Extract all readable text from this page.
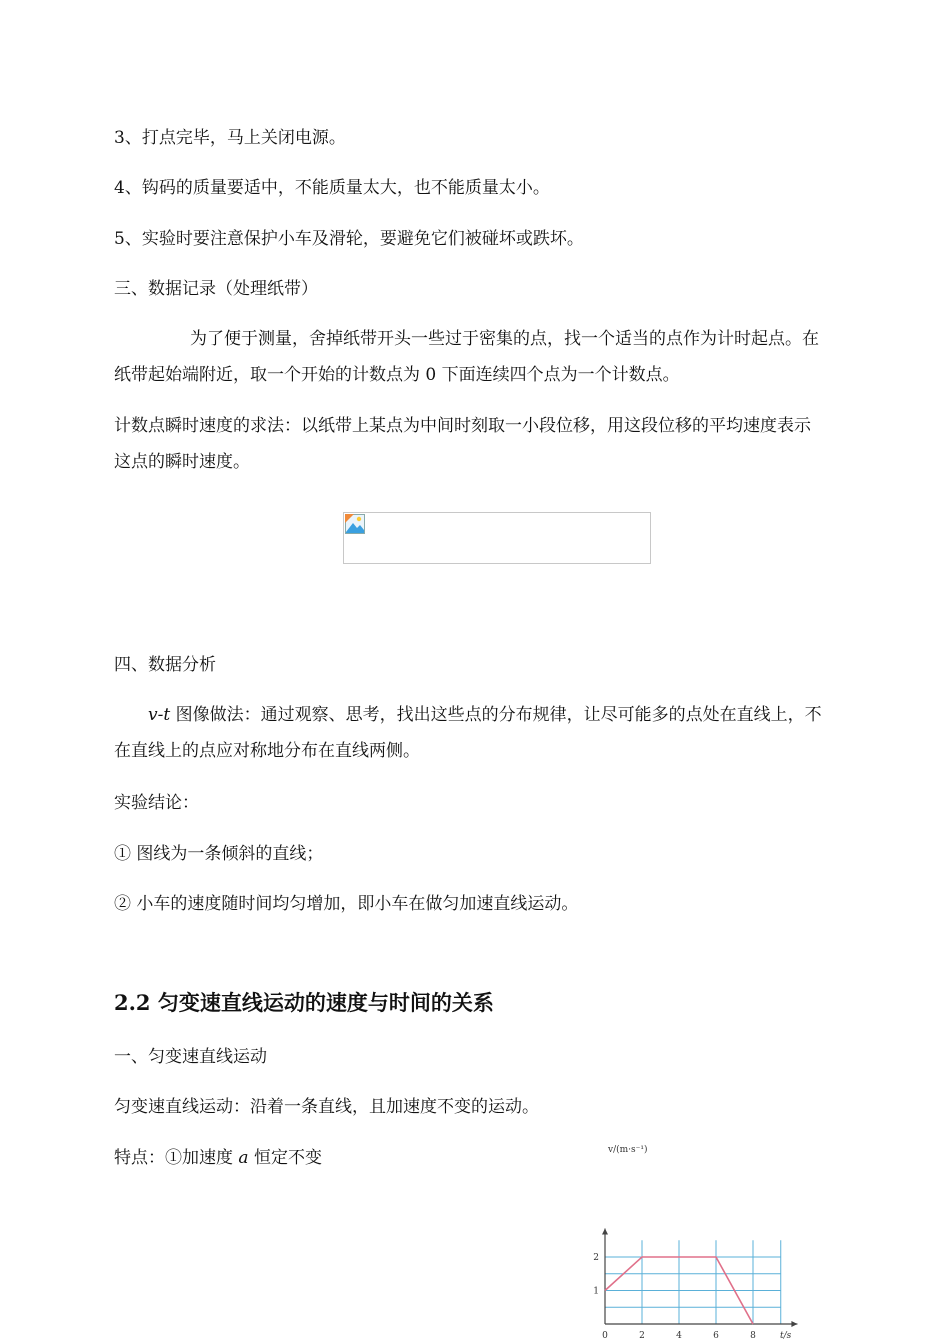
3、打点完毕，马上关闭电源。

4、钩码的质量要适中，不能质量太大，也不能质量太小。

5、实验时要注意保护小车及滑轮，要避免它们被碰坏或跌坏。

三、数据记录（处理纸带）

为了便于测量，舍掉纸带开头一些过于密集的点，找一个适当的点作为计时起点。在纸带起始端附近，取一个开始的计数点为 0 下面连续四个点为一个计数点。

计数点瞬时速度的求法：以纸带上某点为中间时刻取一小段位移，用这段位移的平均速度表示这点的瞬时速度。

四、数据分析

v-t 图像做法：通过观察、思考，找出这些点的分布规律，让尽可能多的点处在直线上，不在直线上的点应对称地分布在直线两侧。

实验结论：

① 图线为一条倾斜的直线；

② 小车的速度随时间均匀增加，即小车在做匀加速直线运动。

2.2 匀变速直线运动的速度与时间的关系

一、匀变速直线运动

匀变速直线运动：沿着一条直线，且加速度不变的运动。

特点：①加速度 a 恒定不变

0	2	4	6	8
1
2
v/(m·s⁻¹)
t/s
